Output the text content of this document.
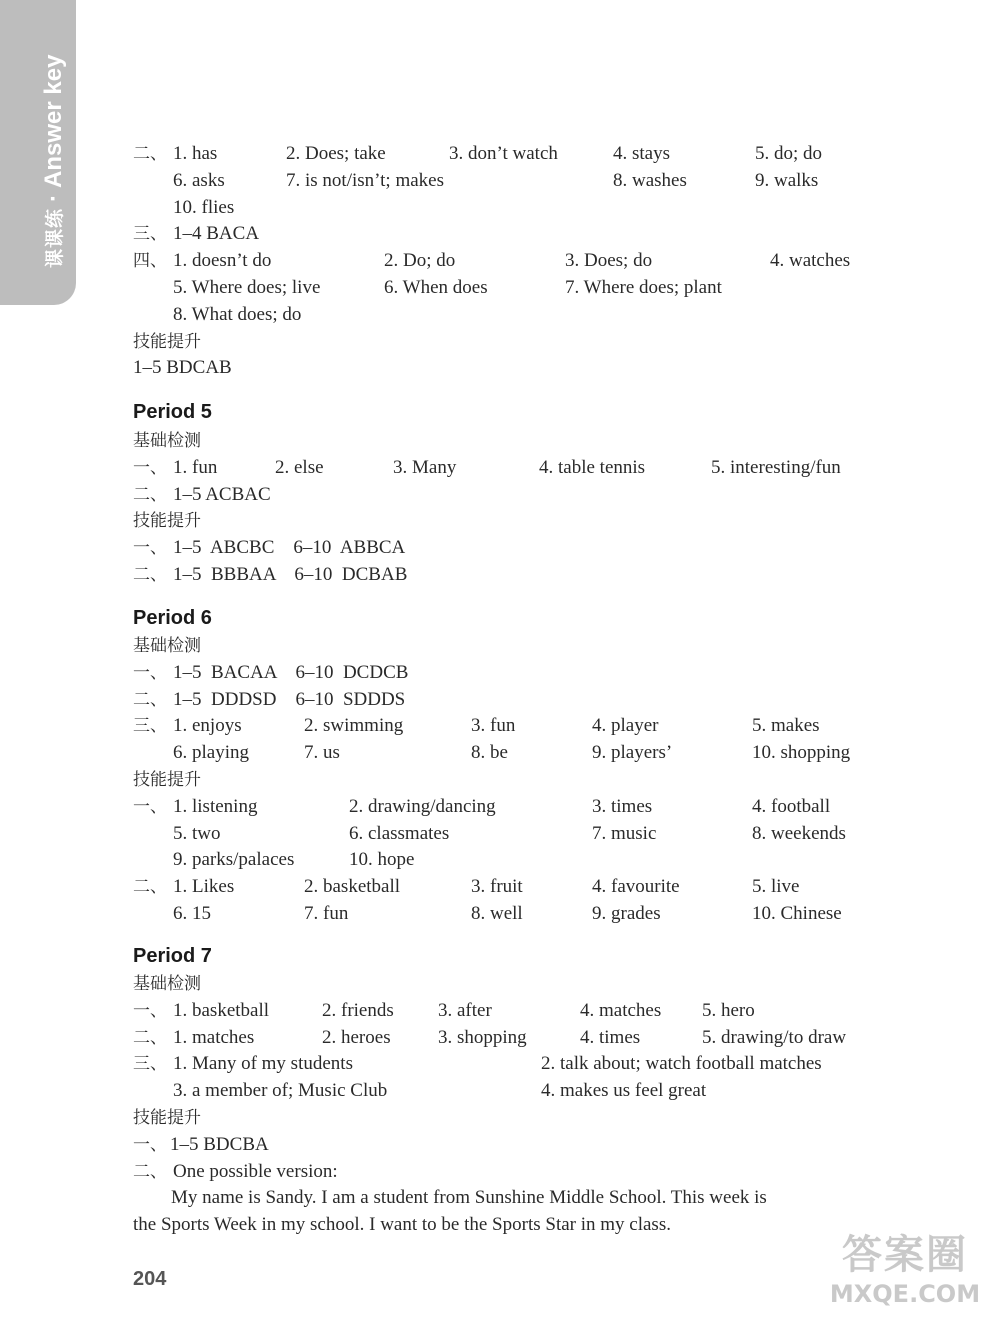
课课练·Answer key	二、 1. has	2. Does; take	3. don’t watch	4. stays	5. do; do
6. asks	7. is not/isn’t; makes	8. washes	9. walks
10. flies
三、 1–4 BACA
四、 1. doesn’t do	2. Do; do	3. Does; do	4. watches
5. Where does; live	6. When does	7. Where does; plant
8. What does; do
技能提升
1–5 BDCAB
Period 5
基础检测
一、 1. fun	2. else	3. Many	4. table tennis	5. interesting/fun
二、 1–5 ACBAC
技能提升
一、 1–5  ABCBC    6–10  ABBCA
二、 1–5  BBBAA    6–10  DCBAB
Period 6
基础检测
一、 1–5  BACAA    6–10  DCDCB
二、 1–5  DDDSD    6–10  SDDDS
三、 1. enjoys	2. swimming	3. fun	4. player	5. makes
6. playing	7. us	8. be	9. players’	10. shopping
技能提升
一、 1. listening	2. drawing/dancing	3. times	4. football
5. two	6. classmates	7. music	8. weekends
9. parks/palaces	10. hope
二、 1. Likes	2. basketball	3. fruit	4. favourite	5. live
6. 15	7. fun	8. well	9. grades	10. Chinese
Period 7
基础检测
一、 1. basketball	2. friends 3. after	4. matches 5. hero
二、 1. matches	2. heroes 3. shopping	4. times	5. drawing/to draw
三、 1. Many of my students	2. talk about; watch football matches
3. a member of; Music Club	4. makes us feel great
技能提升
一、 1–5 BDCBA
二、 One possible version:
My name is Sandy. I am a student from Sunshine Middle School. This week is
the Sports Week in my school. I want to be the Sports Star in my class.
204
答案圈
MXQE.COM
